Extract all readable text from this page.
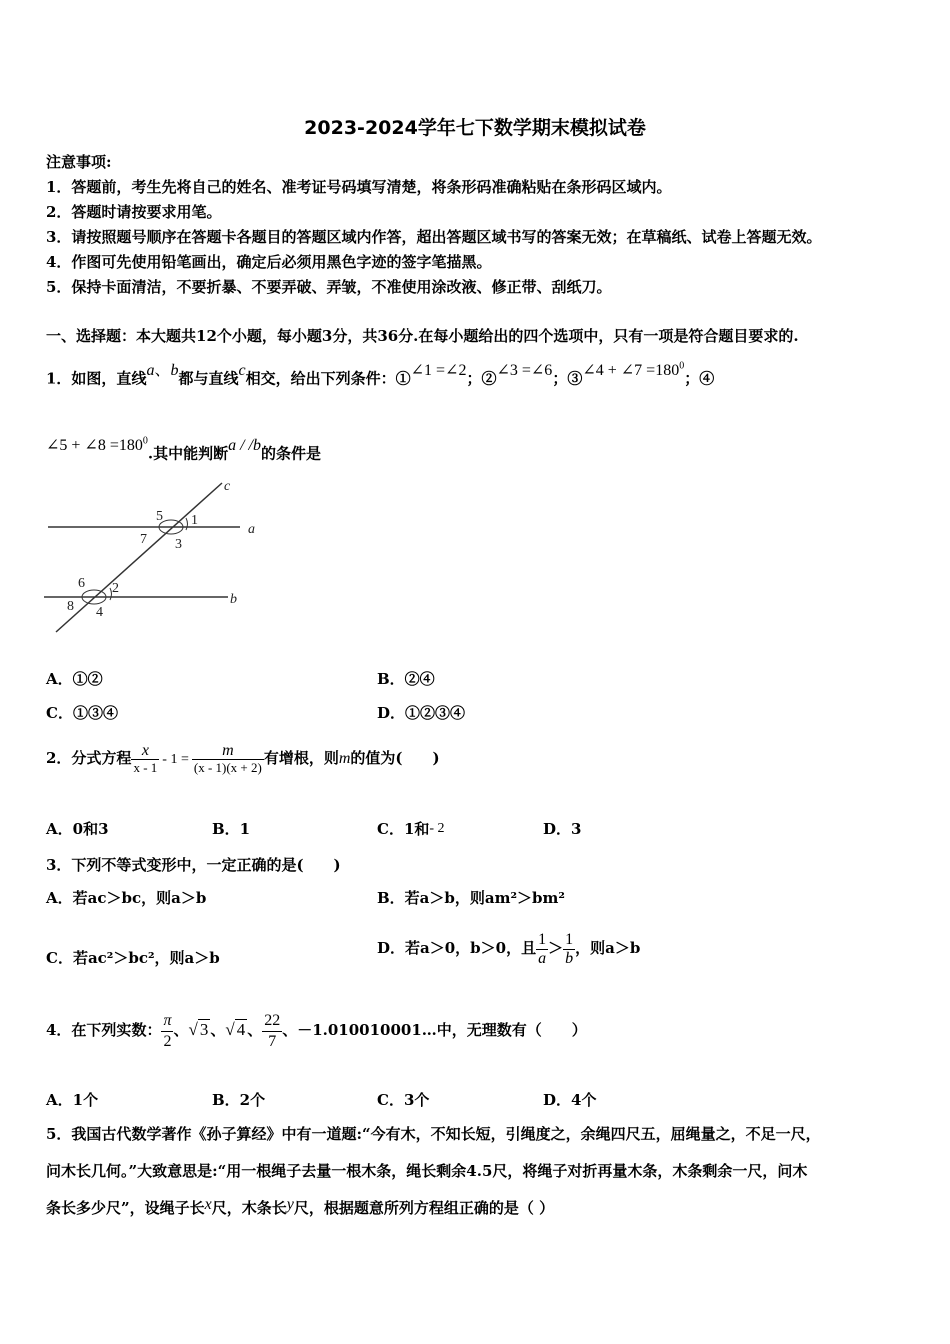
2023-2024学年七下数学期末模拟试卷
注意事项:
1．答题前，考生先将自己的姓名、准考证号码填写清楚，将条形码准确粘贴在条形码区域内。
2．答题时请按要求用笔。
3．请按照题号顺序在答题卡各题目的答题区域内作答，超出答题区域书写的答案无效；在草稿纸、试卷上答题无效。
4．作图可先使用铅笔画出，确定后必须用黑色字迹的签字笔描黑。
5．保持卡面清洁，不要折暴、不要弄破、弄皱，不准使用涂改液、修正带、刮纸刀。
一、选择题：本大题共12个小题，每小题3分，共36分.在每小题给出的四个选项中，只有一项是符合题目要求的.
1．如图，直线a、b都与直线c相交，给出下列条件：①∠1 =∠2；②∠3 =∠6；③∠4 + ∠7 $=180^0$；④
∠5 + ∠8 $=180^0$.其中能判断a / /b的条件是
c
a
b
5 1
7 3
6 2
8 4
A．①②	B．②④
C．①③④	D．①②③④
2．分式方程 $\frac{x}{x - 1} - 1 = \frac{m}{(x - 1)(x + 2)}$ 有增根，则m的值为(　　)
A．0和3	B．1	C．1和- 2	D．3
3．下列不等式变形中，一定正确的是(　　)
A．若ac＞bc，则a＞b	B．若a＞b，则am²＞bm²
C．若ac²＞bc²，则a＞b
D．若a＞0，b＞0，且 $\frac{1}{a} > \frac{1}{b}$ ，则a＞b
4．在下列实数： $\frac{\pi}{2}$ 、√ 3 、√ 4 、 $\frac{22}{7}$ 、－1.010010001…中，无理数有（　　）
A．1个	B．2个	C．3个	D．4个
5．我国古代数学著作《孙子算经》中有一道题:“今有木，不知长短，引绳度之，余绳四尺五，屈绳量之，不足一尺，
问木长几何。”大致意思是:“用一根绳子去量一根木条，绳长剩余4.5尺，将绳子对折再量木条，木条剩余一尺，问木
条长多少尺”，设绳子长x尺，木条长y尺，根据题意所列方程组正确的是（ ）
